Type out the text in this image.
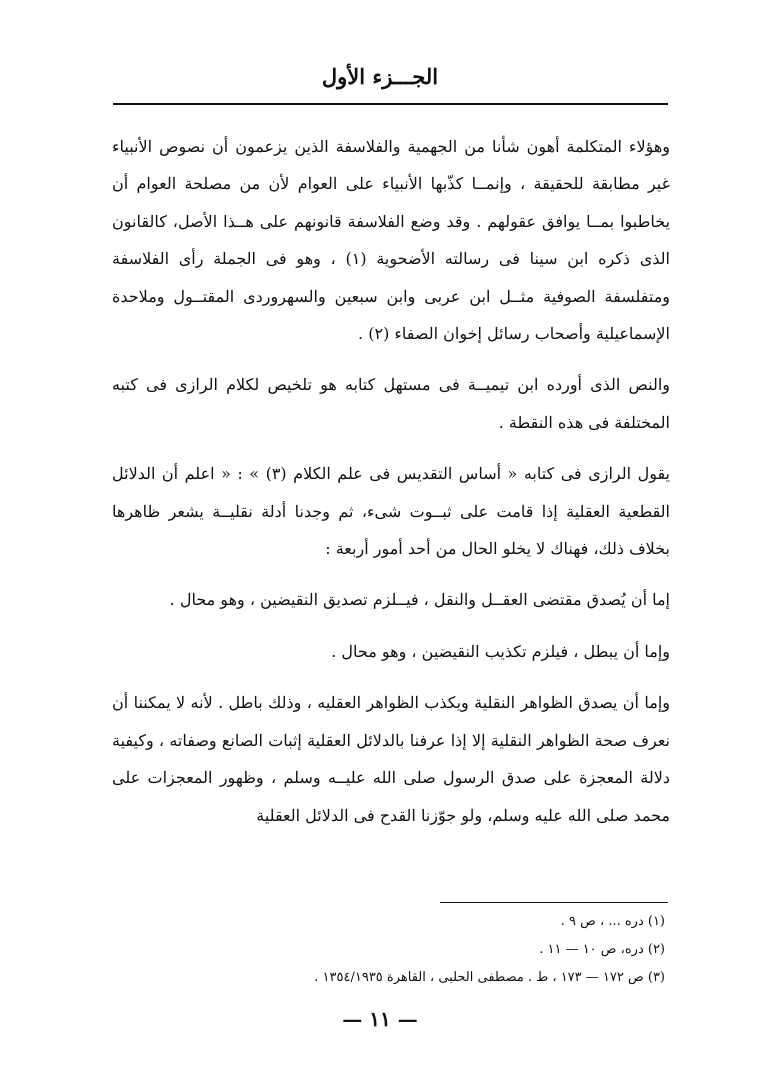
الجـــزء الأول

وهؤلاء المتكلمة أهون شأنا من الجهمية والفلاسفة الذين يزعمون أن نصوص الأنبياء غير مطابقة للحقيقة ، وإنمــا كذّبها الأنبياء على العوام لأن من مصلحة العوام أن يخاطبوا بمــا يوافق عقولهم . وقد وضع الفلاسفة قانونهم على هــذا الأصل، كالقانون الذى ذكره ابن سينا فى رسالته الأضحوية (١) ، وهو فى الجملة رأى الفلاسفة ومتفلسفة الصوفية مثــل ابن عربى وابن سبعين والسهروردى المقتــول وملاحدة الإسماعيلية وأصحاب رسائل إخوان الصفاء (٢) .

والنص الذى أورده ابن تيميــة فى مستهل كتابه هو تلخيص لكلام الرازى فى كتبه المختلفة فى هذه النقطة .

يقول الرازى فى كتابه « أساس التقديس فى علم الكلام (٣) » : « اعلم أن الدلائل القطعية العقلية إذا قامت على ثبــوت شىء، ثم وجدنا أدلة نقليــة يشعر ظاهرها بخلاف ذلك، فهناك لا يخلو الحال من أحد أمور أربعة :

إما أن يُصدق مقتضى العقــل والنقل ، فيــلزم تصديق النقيضين ، وهو محال .

وإما أن يبطل ، فيلزم تكذيب النقيضين ، وهو محال .

وإما أن يصدق الظواهر النقلية ويكذب الظواهر العقليه ، وذلك باطل . لأنه لا يمكننا أن نعرف صحة الظواهر النقلية إلا إذا عرفنا بالدلائل العقلية إثبات الصانع وصفاته ، وكيفية دلالة المعجزة على صدق الرسول صلى الله عليــه وسلم ، وظهور المعجزات على محمد صلى الله عليه وسلم، ولو جوّزنا القدح فى الدلائل العقلية

(١) دره ... ، ص ٩ .

(٢) دره، ص ١٠ — ١١ .

(٣) ص ١٧٢ — ١٧٣ ، ط . مصطفى الحلبى ، القاهرة ١٣٥٤/١٩٣٥ .

— ١١ —
